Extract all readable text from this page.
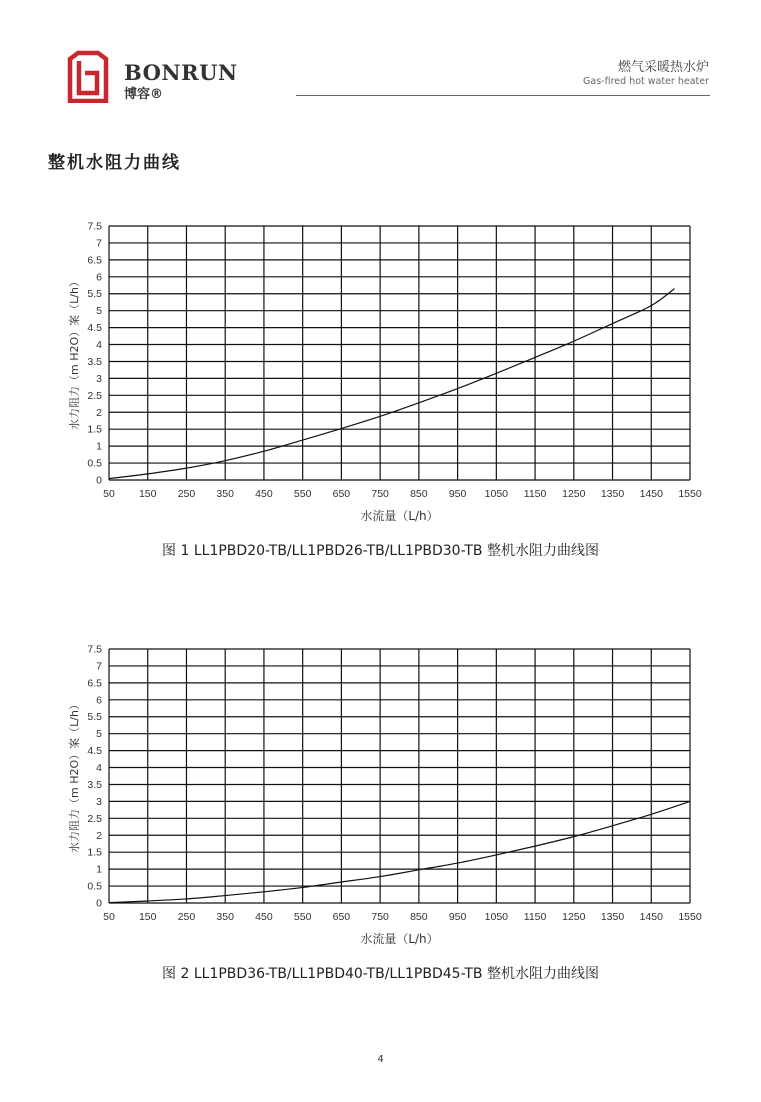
BONRUN
博容®
燃气采暖热水炉
Gas-fired hot water heater
整机水阻力曲线
50 150 250 350 450 550 650 750 850 950 1050 1150 1250 1350 1450 1550
0
0.5
1
1.5
2
2.5
3
3.5
4
4.5
5
5.5
6
6.5
7
7.5
水流量（L/h）
水力阻力（m H2O）案（L/h）
图 1 LL1PBD20-TB/LL1PBD26-TB/LL1PBD30-TB 整机水阻力曲线图
50 150 250 350 450 550 650 750 850 950 1050 1150 1250 1350 1450 1550
0
0.5
1
1.5
2
2.5
3
3.5
4
4.5
5
5.5
6
6.5
7
7.5
水流量（L/h）
水力阻力（m H2O）案（L/h）
图 2 LL1PBD36-TB/LL1PBD40-TB/LL1PBD45-TB 整机水阻力曲线图
4
